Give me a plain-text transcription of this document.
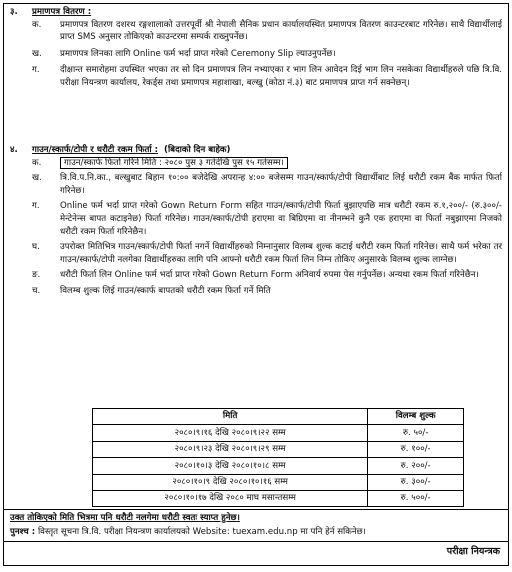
३.	प्रमाणपत्र वितरण :
क.	प्रमाणपत्र वितरण दशरथ रङ्गशालाको उत्तरपूर्वी श्री नेपाली सैनिक प्रधान कार्यालयस्थित प्रमाणपत्र वितरण काउन्टरबाट गरिनेछ। साथै विद्यार्थीलाई प्राप्त SMS अनुसार तोकिएको काउन्टरमा सम्पर्क राख्नुपर्नेछ।
ख.	प्रमाणपत्र लिनका लागि Online फर्म भर्दा प्राप्त गरेको Ceremony Slip ल्याउनुपर्नेछ।
ग.	दीक्षान्त समारोहमा उपस्थित भएका तर सो दिन प्रमाणपत्र लिन नभ्याएका र भाग लिन आवेदन दिई भाग लिन नसकेका विद्यार्थीहरुले पछि त्रि.वि. परीक्षा नियन्त्रण कार्यालय, रेकर्ड्स तथा प्रमाणपत्र महाशाखा, बल्खु (कोठा नं.३) बाट प्रमाणपत्र प्राप्त गर्न सक्नेछन्।
४.	गाउन/स्कार्फ/टोपी र धरौटी रकम फिर्ता : (बिदाको दिन बाहेक)
क.	गाउन/स्कार्फ फिर्ता गरिने मिति : २०८० पुस ३ गतेदेखि पुस १५ गतेसम्म।
ख.	त्रि.वि.प.नि.का., बल्खुबाट बिहान १०:०० बजेदेखि अपरान्ह ४:०० बजेसम्म गाउन/स्कार्फ/टोपी विद्यार्थीबाट लिई धरौटी रकम बैंक मार्फत फिर्ता गरिनेछ।
ग.	Online फर्म भर्दा प्राप्त गरेको Gown Return Form सहित गाउन/स्कार्फ/टोपी फिर्ता बुझाएपछि मात्र धरौटी रकम रु.१,२००/- (रु.३००/- मेन्टेनेन्स बापत कटाइनेछ) फिर्ता गरिनेछ। गाउन/स्कार्फ/टोपी हराएमा वा बिग्रिएमा वा नीनम्भने कुनै एक हराएमा वा फिर्ता नबुझाएमा निजको धरौटी रकम फिर्ता गरिनेछैन।
घ.	उपरोक्त मितिभित्र गाउन/स्कार्फ/टोपी फिर्ता नगर्ने विद्यार्थीहरुको निम्नानुसार विलम्ब शुल्क कटाई धरौटी रकम फिर्ता गरिनेछ। साथै फर्म भरेका तर गाउन/स्कार्फ/टोपी नलगेका विद्यार्थीहरुका लागि पनि आफ्नो धरौटी रकम फिर्ता लिन निम्न तोकिए अनुसारके विलम्ब शुल्क लाग्नेछ।
ङ.	धरौटी फिर्ता लिन Online फर्म भर्दा प्राप्त गरेको Gown Return Form अनिवार्य रुपमा पेस गर्नुपर्नेछ। अन्यथा रकम फिर्ता गरिनेछैन।
च.	विलम्ब शुल्क लिई गाउन/स्कार्फ बापतको धरौटी रकम फिर्ता गर्ने मिति
मिति	विलम्ब शुल्क
२०८०।९।१६ देखि २०८०।९।२२ सम्म	रु. ५०/-
२०८०।९।२३ देखि २०८०।९।२९ सम्म	रु. १००/-
२०८०।१०।३ देखि २०८०।१०।८ सम्म	रु. २००/-
२०८०।१०।९ देखि २०८०।१०।१६ सम्म	रु. ३००/-
२०८०।१०।१७ देखि २०८० माघ मसान्तसम्म	रु. ५००/-
उक्त तोकिएको मिति भित्रमा पनि धरौटी नलगेमा धरौटी स्वतः स्याप्त हुनेछ।
पुनश्च : विस्तृत सूचना त्रि.वि. परीक्षा नियन्त्रण कार्यालयको Website: tuexam.edu.np मा पनि हेर्न सकिनेछ।
परीक्षा नियन्त्रक
